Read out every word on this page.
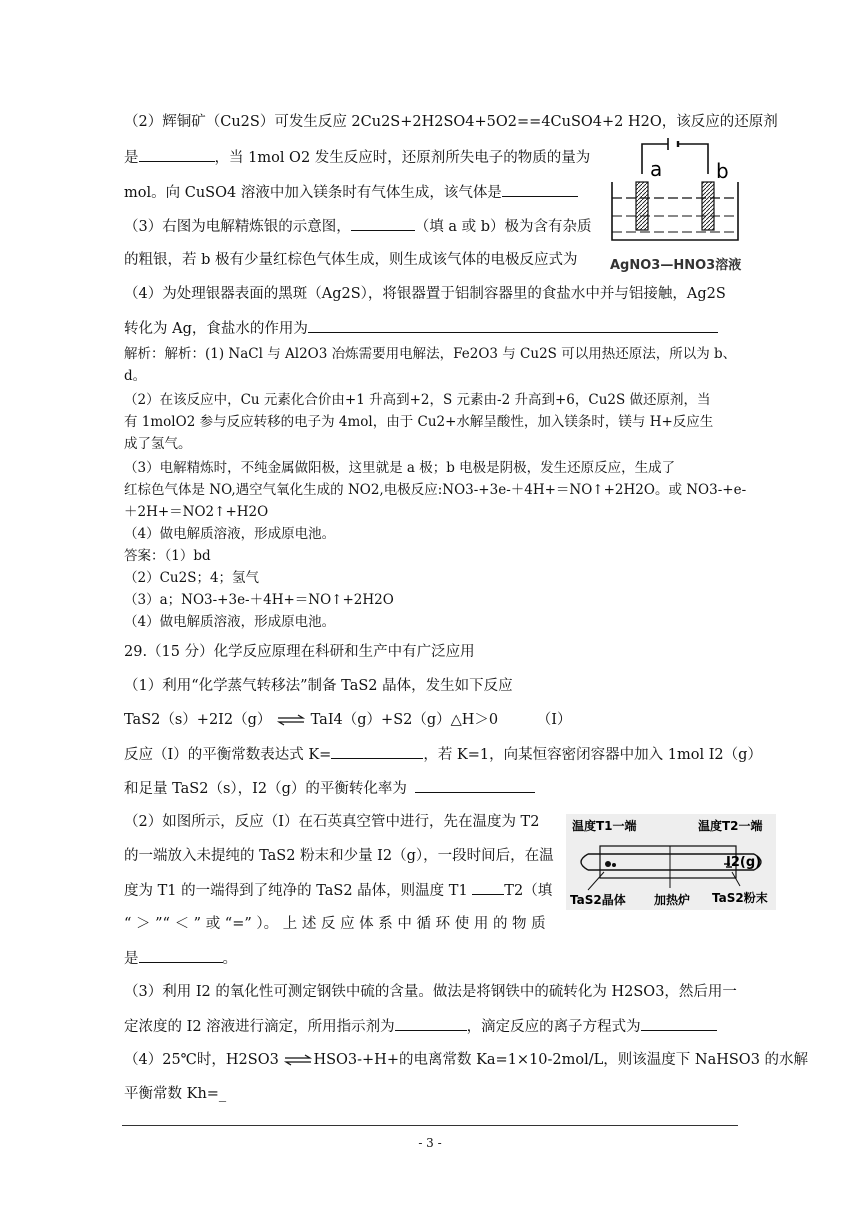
（2）辉铜矿（Cu2S）可发生反应 2Cu2S+2H2SO4+5O2==4CuSO4+2 H2O，该反应的还原剂
是	，当 1mol O2 发生反应时，还原剂所失电子的物质的量为
mol。向 CuSO4 溶液中加入镁条时有气体生成，该气体是
（3）右图为电解精炼银的示意图，	（填 a 或 b）极为含有杂质
的粗银，若 b 极有少量红棕色气体生成，则生成该气体的电极反应式为
（4）为处理银器表面的黑斑（Ag2S），将银器置于铝制容器里的食盐水中并与铝接触，Ag2S
转化为 Ag，食盐水的作用为
a	b
AgNO3—HNO3溶液
解析：解析：(1) NaCl 与 Al2O3 冶炼需要用电解法，Fe2O3 与 Cu2S 可以用热还原法，所以为 b、
d。
（2）在该反应中，Cu 元素化合价由+1 升高到+2，S 元素由-2 升高到+6，Cu2S 做还原剂，当
有 1molO2 参与反应转移的电子为 4mol，由于 Cu2+水解呈酸性，加入镁条时，镁与 H+反应生
成了氢气。
（3）电解精炼时，不纯金属做阳极，这里就是 a 极；b 电极是阴极，发生还原反应，生成了
红棕色气体是 NO,遇空气氧化生成的 NO2,电极反应:NO3-+3e-＋4H+＝NO↑+2H2O。或 NO3-+e-
＋2H+＝NO2↑+H2O
（4）做电解质溶液，形成原电池。
答案：（1）bd
（2）Cu2S；4；氢气
（3）a；NO3-+3e-＋4H+＝NO↑+2H2O
（4）做电解质溶液，形成原电池。
29.（15 分）化学反应原理在科研和生产中有广泛应用
（1）利用“化学蒸气转移法”制备 TaS2 晶体，发生如下反应
TaS2（s）+2I2（g） ⇌ TaI4（g）+S2（g）△H＞0	（I）
反应（I）的平衡常数表达式 K=	，若 K=1，向某恒容密闭容器中加入 1mol I2（g）
和足量 TaS2（s），I2（g）的平衡转化率为
（2）如图所示，反应（I）在石英真空管中进行，先在温度为 T2
的一端放入未提纯的 TaS2 粉末和少量 I2（g），一段时间后，在温
度为 T1 的一端得到了纯净的 TaS2 晶体，则温度 T1 T2（填
“ ＞ ”“ ＜ ” 或 “=” ）。 上 述 反 应 体 系 中 循 环 使 用 的 物 质
是	。
温度T1一端	温度T2一端
I2(g)
TaS2晶体 加热炉 TaS2粉末
（3）利用 I2 的氧化性可测定钢铁中硫的含量。做法是将钢铁中的硫转化为 H2SO3，然后用一
定浓度的 I2 溶液进行滴定，所用指示剂为	，滴定反应的离子方程式为
（4）25℃时，H2SO3 ⇌HSO3-+H+的电离常数 Ka=1×10-2mol/L，则该温度下 NaHSO3 的水解
平衡常数 Kh=_
- 3 -
